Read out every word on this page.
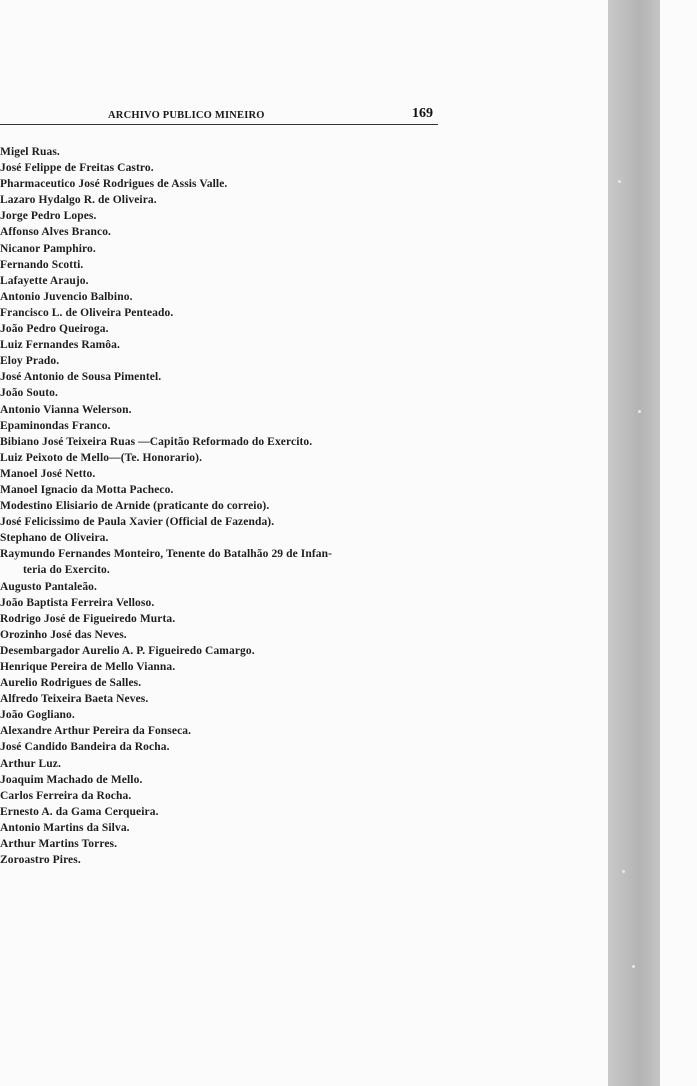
ARCHIVO PUBLICO MINEIRO	169
Migel Ruas.
José Felippe de Freitas Castro.
Pharmaceutico José Rodrigues de Assis Valle.
Lazaro Hydalgo R. de Oliveira.
Jorge Pedro Lopes.
Affonso Alves Branco.
Nicanor Pamphiro.
Fernando Scotti.
Lafayette Araujo.
Antonio Juvencio Balbino.
Francisco L. de Oliveira Penteado.
João Pedro Queiroga.
Luiz Fernandes Ramôa.
Eloy Prado.
José Antonio de Sousa Pimentel.
João Souto.
Antonio Vianna Welerson.
Epaminondas Franco.
Bibiano José Teixeira Ruas —Capitão Reformado do Exercito.
Luiz Peixoto de Mello—(Te. Honorario).
Manoel José Netto.
Manoel Ignacio da Motta Pacheco.
Modestino Elisiario de Arnide (praticante do correio).
José Felicissimo de Paula Xavier (Official de Fazenda).
Stephano de Oliveira.
Raymundo Fernandes Monteiro, Tenente do Batalhão 29 de Infan-
teria do Exercito.
Augusto Pantaleão.
João Baptista Ferreira Velloso.
Rodrigo José de Figueiredo Murta.
Orozinho José das Neves.
Desembargador Aurelio A. P. Figueiredo Camargo.
Henrique Pereira de Mello Vianna.
Aurelio Rodrigues de Salles.
Alfredo Teixeira Baeta Neves.
João Gogliano.
Alexandre Arthur Pereira da Fonseca.
José Candido Bandeira da Rocha.
Arthur Luz.
Joaquim Machado de Mello.
Carlos Ferreira da Rocha.
Ernesto A. da Gama Cerqueira.
Antonio Martins da Silva.
Arthur Martins Torres.
Zoroastro Pires.
